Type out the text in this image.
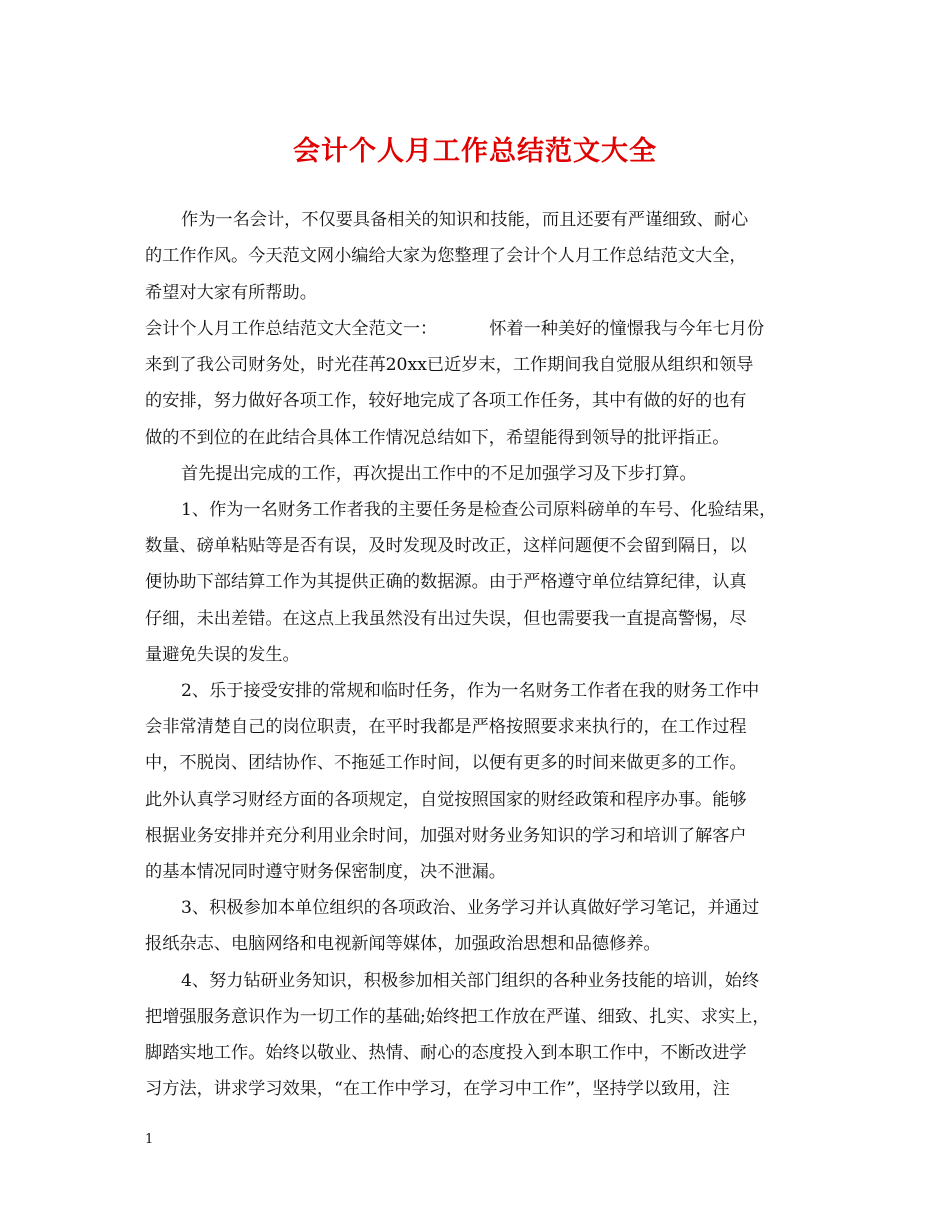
会计个人月工作总结范文大全
作为一名会计，不仅要具备相关的知识和技能，而且还要有严谨细致、耐心
的工作作风。今天范文网小编给大家为您整理了会计个人月工作总结范文大全，
希望对大家有所帮助。
会计个人月工作总结范文大全范文一：	怀着一种美好的憧憬我与今年七月份
来到了我公司财务处，时光荏苒20xx已近岁末，工作期间我自觉服从组织和领导
的安排，努力做好各项工作，较好地完成了各项工作任务，其中有做的好的也有
做的不到位的在此结合具体工作情况总结如下，希望能得到领导的批评指正。
首先提出完成的工作，再次提出工作中的不足加强学习及下步打算。
1、作为一名财务工作者我的主要任务是检查公司原料磅单的车号、化验结果，
数量、磅单粘贴等是否有误，及时发现及时改正，这样问题便不会留到隔日，以
便协助下部结算工作为其提供正确的数据源。由于严格遵守单位结算纪律，认真
仔细，未出差错。在这点上我虽然没有出过失误，但也需要我一直提高警惕，尽
量避免失误的发生。
2、乐于接受安排的常规和临时任务，作为一名财务工作者在我的财务工作中
会非常清楚自己的岗位职责，在平时我都是严格按照要求来执行的，在工作过程
中，不脱岗、团结协作、不拖延工作时间，以便有更多的时间来做更多的工作。
此外认真学习财经方面的各项规定，自觉按照国家的财经政策和程序办事。能够
根据业务安排并充分利用业余时间，加强对财务业务知识的学习和培训了解客户
的基本情况同时遵守财务保密制度，决不泄漏。
3、积极参加本单位组织的各项政治、业务学习并认真做好学习笔记，并通过
报纸杂志、电脑网络和电视新闻等媒体，加强政治思想和品德修养。
4、努力钻研业务知识，积极参加相关部门组织的各种业务技能的培训，始终
把增强服务意识作为一切工作的基础;始终把工作放在严谨、细致、扎实、求实上，
脚踏实地工作。始终以敬业、热情、耐心的态度投入到本职工作中，不断改进学
习方法，讲求学习效果，“在工作中学习，在学习中工作”，坚持学以致用，注
1
